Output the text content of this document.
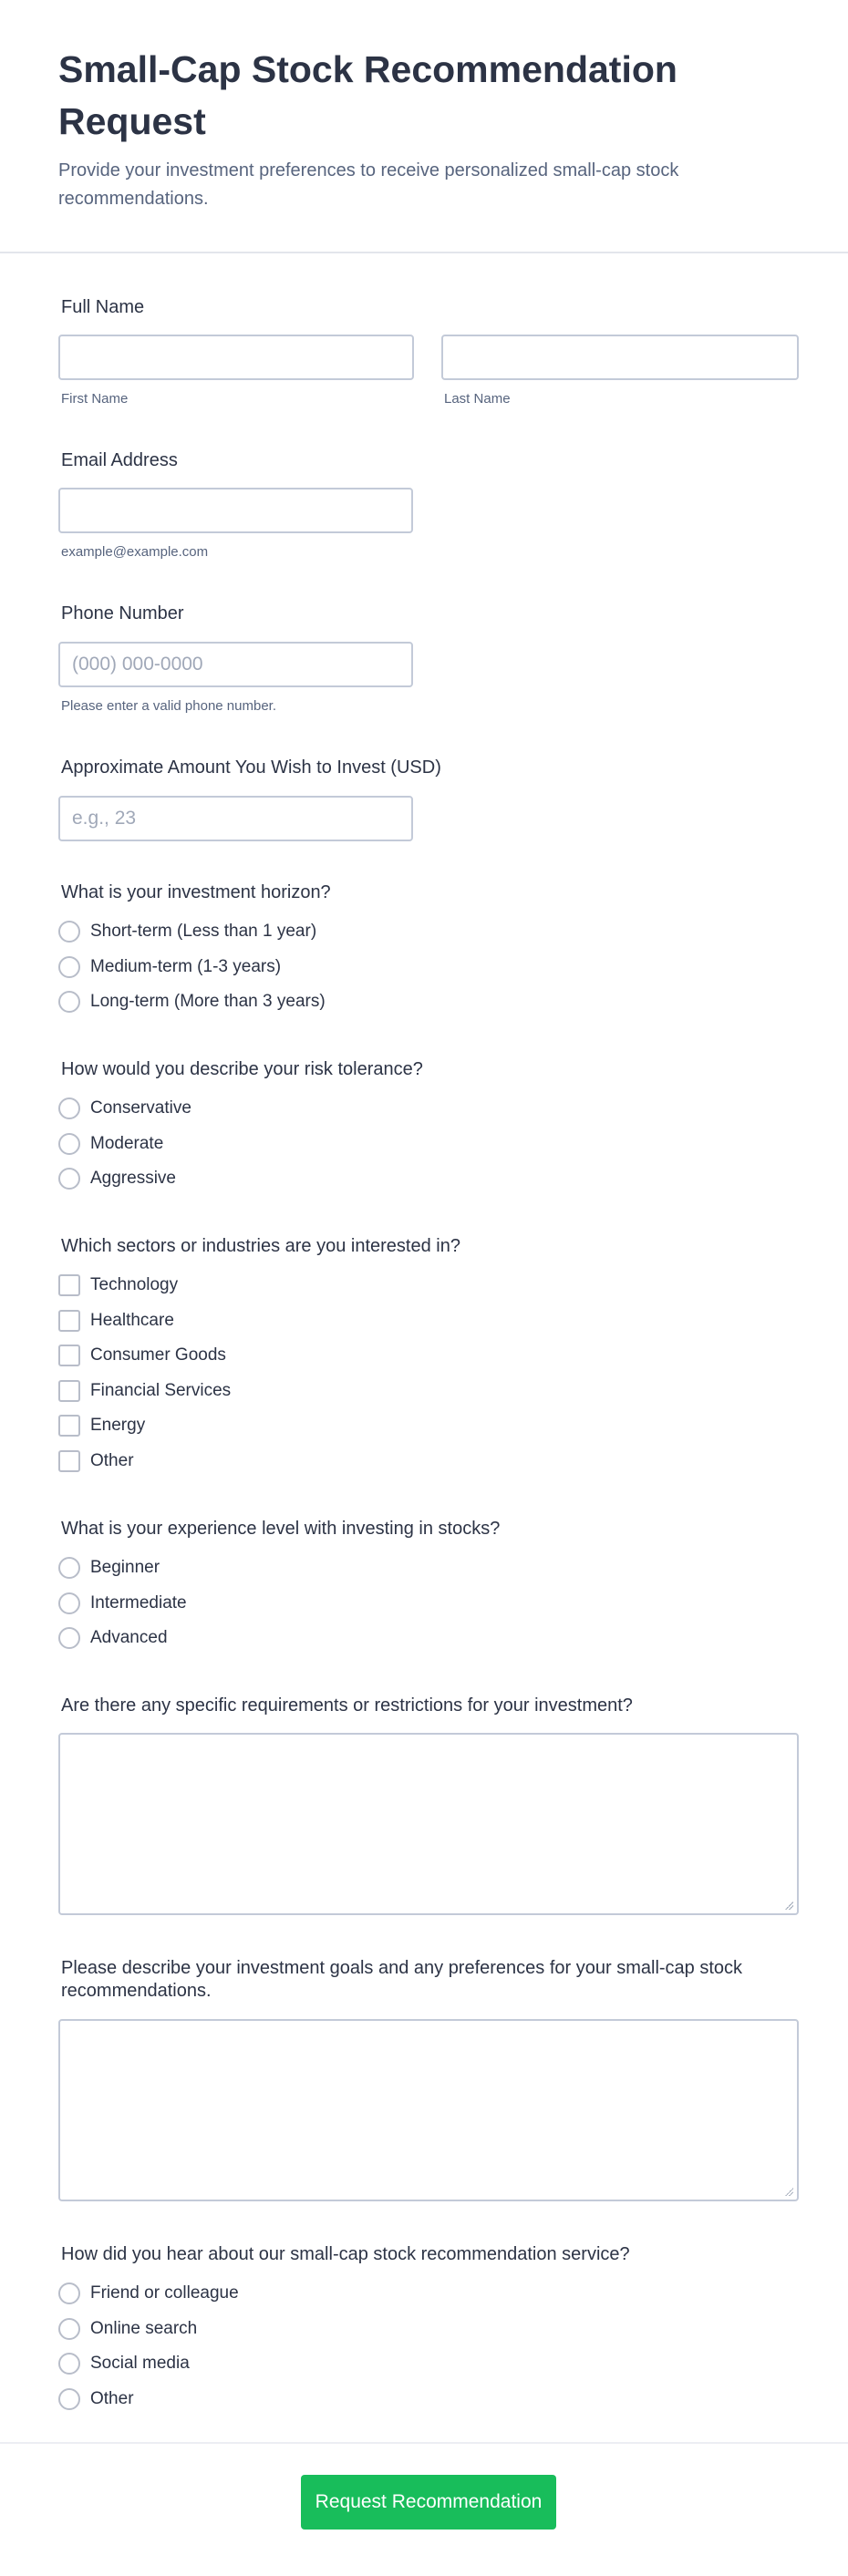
Small-Cap Stock Recommendation Request
Provide your investment preferences to receive personalized small-cap stock recommendations.
Full Name
First Name	Last Name
Email Address
example@example.com
Phone Number
(000) 000-0000
Please enter a valid phone number.
Approximate Amount You Wish to Invest (USD)
e.g., 23
What is your investment horizon?
Short-term (Less than 1 year)
Medium-term (1-3 years)
Long-term (More than 3 years)
How would you describe your risk tolerance?
Conservative
Moderate
Aggressive
Which sectors or industries are you interested in?
Technology
Healthcare
Consumer Goods
Financial Services
Energy
Other
What is your experience level with investing in stocks?
Beginner
Intermediate
Advanced
Are there any specific requirements or restrictions for your investment?
Please describe your investment goals and any preferences for your small-cap stock recommendations.
How did you hear about our small-cap stock recommendation service?
Friend or colleague
Online search
Social media
Other
Request Recommendation
